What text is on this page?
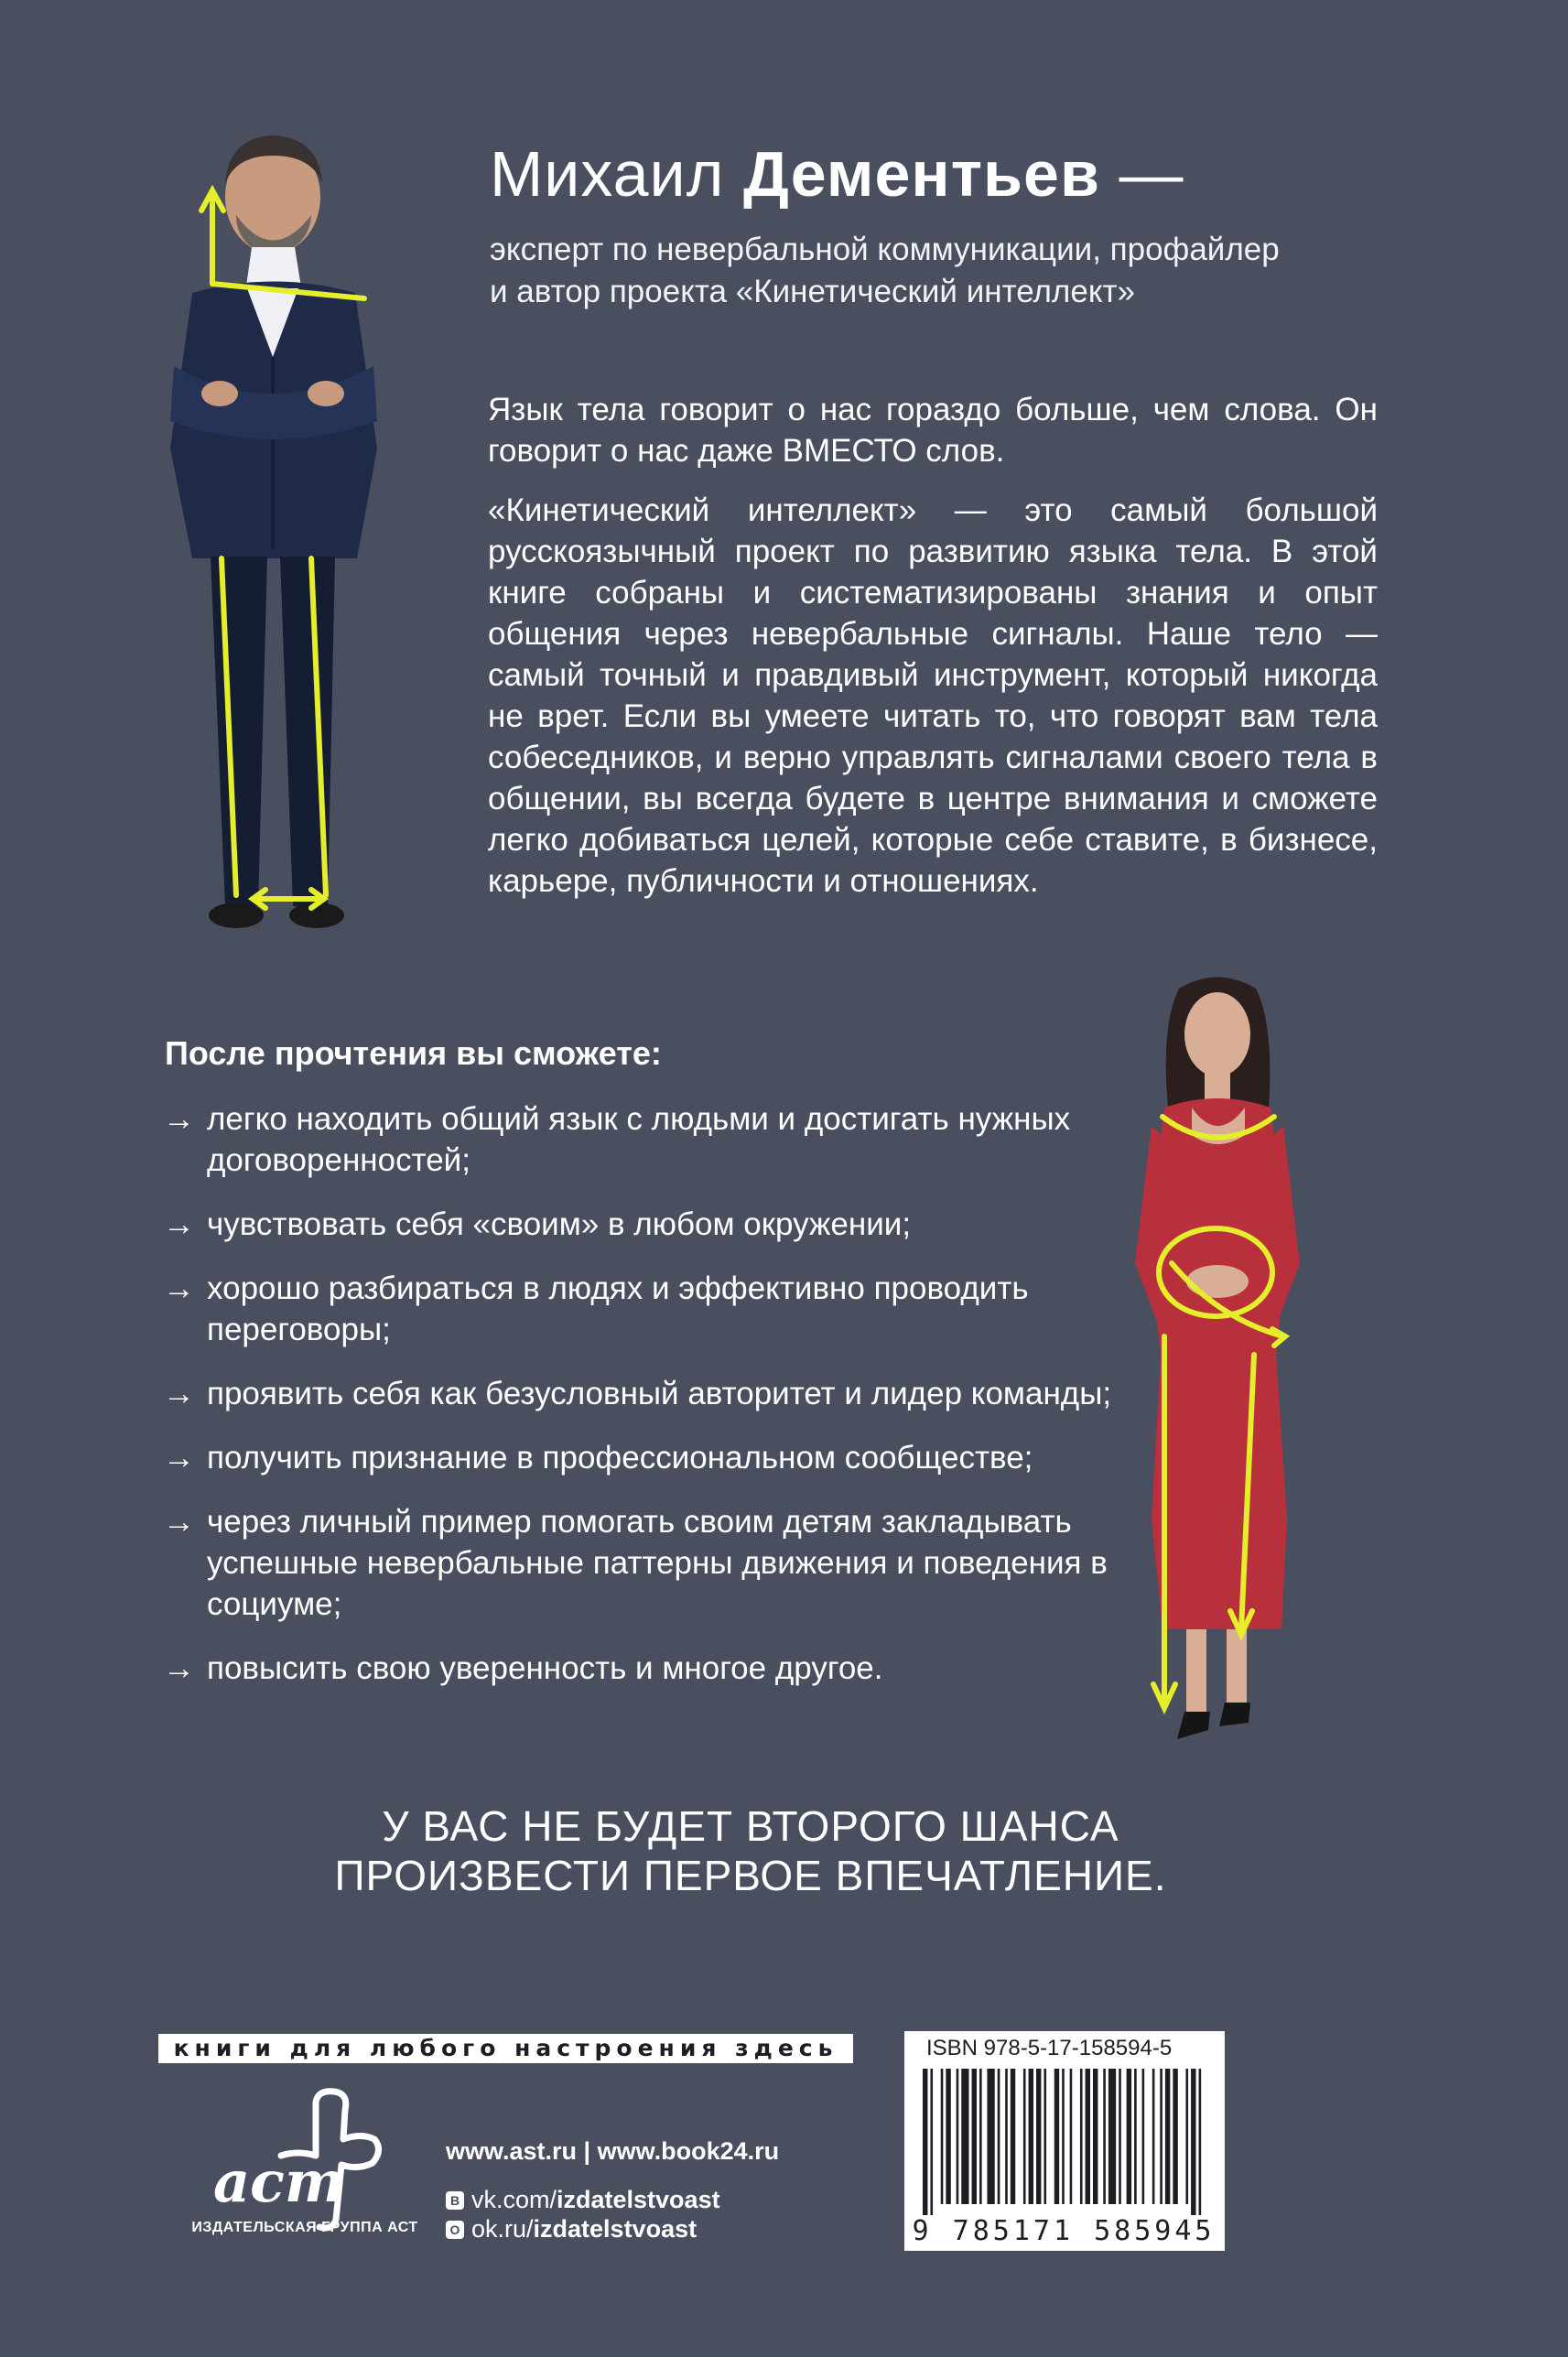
Михаил Дементьев —
эксперт по невербальной коммуникации, профайлер
и автор проекта «Кинетический интеллект»

Язык тела говорит о нас гораздо больше, чем слова. Он говорит о нас даже ВМЕСТО слов.

«Кинетический интеллект» — это самый большой русскоязычный проект по развитию языка тела. В этой книге собраны и систематизированы знания и опыт общения через невербальные сигналы. Наше тело — самый точный и правдивый инструмент, который никогда не врет. Если вы умеете читать то, что говорят вам тела собеседников, и верно управлять сигналами своего тела в общении, вы всегда будете в центре внимания и сможете легко добиваться целей, которые себе ставите, в бизнесе, карьере, публичности и отношениях.

После прочтения вы сможете:
→ легко находить общий язык с людьми и достигать нужных договоренностей;
→ чувствовать себя «своим» в любом окружении;
→ хорошо разбираться в людях и эффективно проводить переговоры;
→ проявить себя как безусловный авторитет и лидер команды;
→ получить признание в профессиональном сообществе;
→ через личный пример помогать своим детям закладывать успешные невербальные паттерны движения и поведения в социуме;
→ повысить свою уверенность и многое другое.
У ВАС НЕ БУДЕТ ВТОРОГО ШАНСА
ПРОИЗВЕСТИ ПЕРВОЕ ВПЕЧАТЛЕНИЕ.
книги для любого настроения здесь
аст
ИЗДАТЕЛЬСКАЯ ГРУППА АСТ
www.ast.ru | www.book24.ru
В vk.com/izdatelstvoast
О ok.ru/izdatelstvoast
ISBN 978-5-17-158594-5
9 785171 585945
